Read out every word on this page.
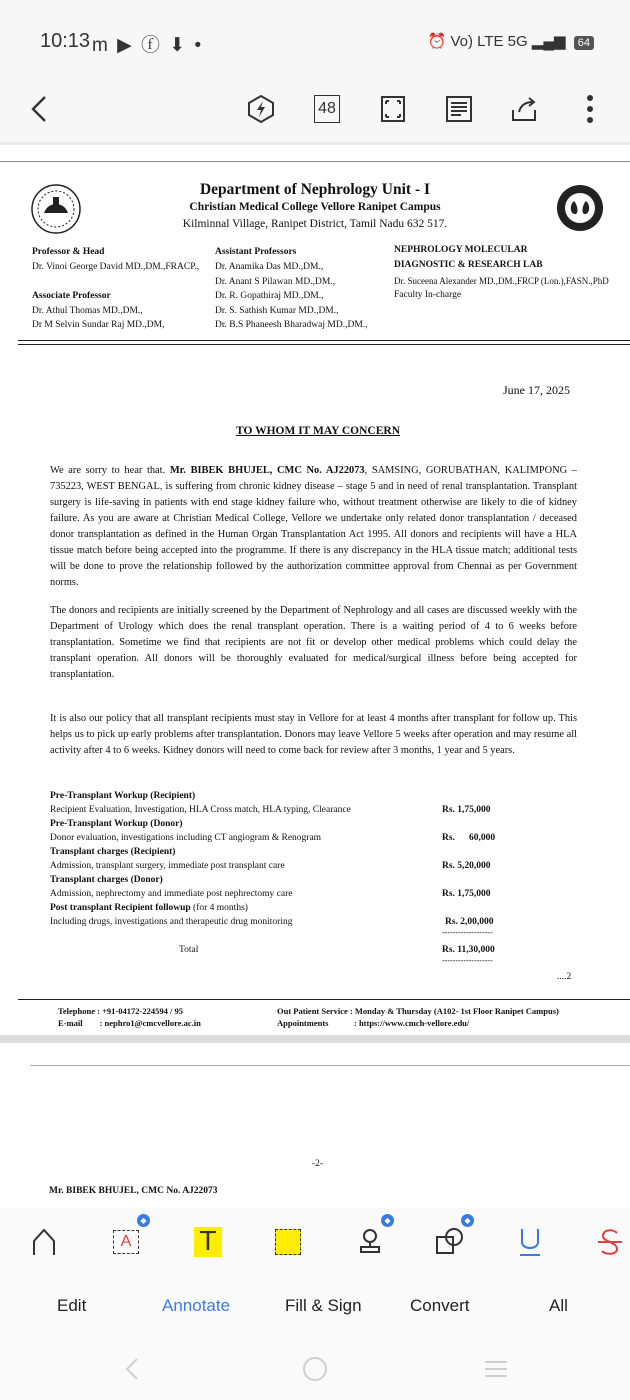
10:13 m ▶ ⓕ ⬇ •	⏰ Vo) LTE 5G ▂▄▆ 64
48
Department of Nephrology Unit - I
Christian Medical College Vellore Ranipet Campus
Kilminnal Village, Ranipet District, Tamil Nadu 632 517.
Professor & Head
Dr. Vinoi George David MD.,DM.,FRACP.,
Associate Professor
Dr. Athul Thomas MD.,DM.,
Dr M Selvin Sundar Raj MD.,DM,
Assistant Professors
Dr. Anamika Das MD.,DM.,
Dr. Anant S Pilawan MD.,DM.,
Dr. R. Gopathiraj MD.,DM.,
Dr. S. Sathish Kumar MD.,DM.,
Dr. B.S Phaneesh Bharadwaj MD.,DM.,
NEPHROLOGY MOLECULAR
DIAGNOSTIC & RESEARCH LAB
Dr. Suceena Alexander MD.,DM.,FRCP (Lon.),FASN.,PhD
Faculty In-charge
June 17, 2025
TO WHOM IT MAY CONCERN
We are sorry to hear that. Mr. BIBEK BHUJEL, CMC No. AJ22073, SAMSING, GORUBATHAN, KALIMPONG – 735223, WEST BENGAL, is suffering from chronic kidney disease – stage 5 and in need of renal transplantation. Transplant surgery is life-saving in patients with end stage kidney failure who, without treatment otherwise are likely to die of kidney failure. As you are aware at Christian Medical College, Vellore we undertake only related donor transplantation / deceased donor transplantation as defined in the Human Organ Transplantation Act 1995. All donors and recipients will have a HLA tissue match before being accepted into the programme. If there is any discrepancy in the HLA tissue match; additional tests will be done to prove the relationship followed by the authorization committee approval from Chennai as per Government norms.
The donors and recipients are initially screened by the Department of Nephrology and all cases are discussed weekly with the Department of Urology which does the renal transplant operation. There is a waiting period of 4 to 6 weeks before transplantation. Sometime we find that recipients are not fit or develop other medical problems which could delay the transplant operation. All donors will be thoroughly evaluated for medical/surgical illness before being accepted for transplantation.
It is also our policy that all transplant recipients must stay in Vellore for at least 4 months after transplant for follow up. This helps us to pick up early problems after transplantation. Donors may leave Vellore 5 weeks after operation and may resume all activity after 4 to 6 weeks. Kidney donors will need to come back for review after 3 months, 1 year and 5 years.
Pre-Transplant Workup (Recipient)
Recipient Evaluation, Investigation, HLA Cross match, HLA typing, Clearance	Rs. 1,75,000
Pre-Transplant Workup (Donor)
Donor evaluation, investigations including CT angiogram & Renogram	Rs. 60,000
Transplant charges (Recipient)
Admission, transplant surgery, immediate post transplant care	Rs. 5,20,000
Transplant charges (Donor)
Admission, nephrectomy and immediate post nephrectomy care	Rs. 1,75,000
Post transplant Recipient followup (for 4 months)
Including drugs, investigations and therapeutic drug monitoring	Rs. 2,00,000
-------------------
Total	Rs. 11,30,000
-------------------
....2
Telephone : +91-04172-224594 / 95
E-mail : nephro1@cmcvellore.ac.in
Out Patient Service : Monday & Thursday (A102- 1st Floor Ranipet Campus)
Appointments	: https://www.cmch-vellore.edu/
-2-
Mr. BIBEK BHUJEL, CMC No. AJ22073
A
◆
T
◆	◆
Edit	Annotate	Fill & Sign	Convert	All
